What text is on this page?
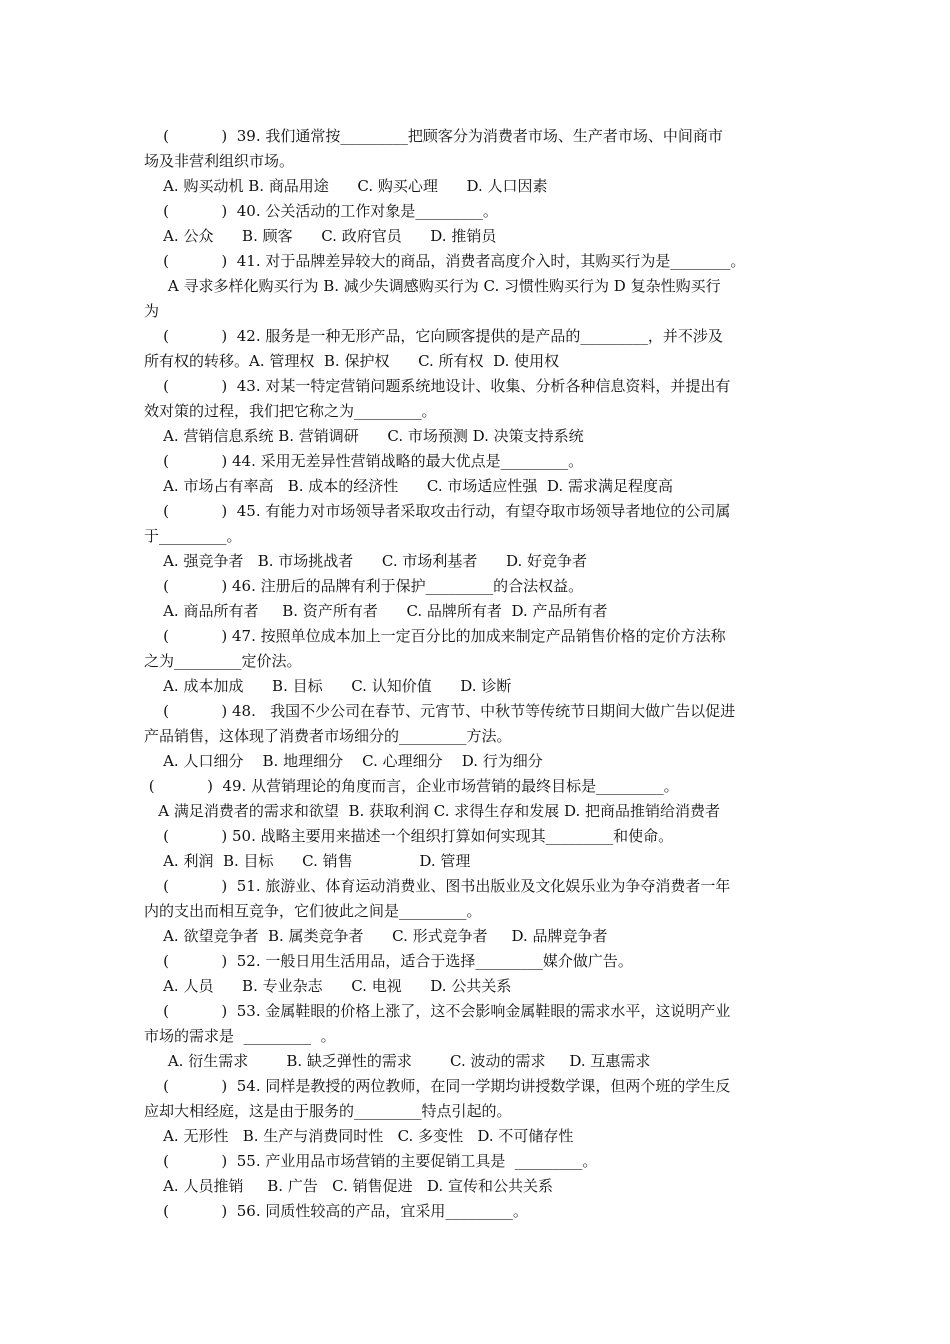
(           )  39. 我们通常按_________把顾客分为消费者市场、生产者市场、中间商市
场及非营利组织市场。
A. 购买动机 B. 商品用途      C. 购买心理      D. 人口因素
(           )  40. 公关活动的工作对象是_________。
A. 公众      B. 顾客      C. 政府官员      D. 推销员
(           )  41. 对于品牌差异较大的商品，消费者高度介入时，其购买行为是________。
A 寻求多样化购买行为 B. 减少失调感购买行为 C. 习惯性购买行为 D 复杂性购买行
为
(           )  42. 服务是一种无形产品，它向顾客提供的是产品的_________，并不涉及
所有权的转移。A. 管理权  B. 保护权      C. 所有权  D. 使用权
(           )  43. 对某一特定营销问题系统地设计、收集、分析各种信息资料，并提出有
效对策的过程，我们把它称之为_________。
A. 营销信息系统 B. 营销调研      C. 市场预测 D. 决策支持系统
(           ) 44. 采用无差异性营销战略的最大优点是_________。
A. 市场占有率高   B. 成本的经济性      C. 市场适应性强  D. 需求满足程度高
(           )  45. 有能力对市场领导者采取攻击行动，有望夺取市场领导者地位的公司属
于_________。
A. 强竞争者   B. 市场挑战者      C. 市场利基者      D. 好竞争者
(           ) 46. 注册后的品牌有利于保护_________的合法权益。
A. 商品所有者     B. 资产所有者      C. 品牌所有者  D. 产品所有者
(           ) 47. 按照单位成本加上一定百分比的加成来制定产品销售价格的定价方法称
之为_________定价法。
A. 成本加成      B. 目标      C. 认知价值      D. 诊断
(           ) 48.   我国不少公司在春节、元宵节、中秋节等传统节日期间大做广告以促进
产品销售，这体现了消费者市场细分的_________方法。
A. 人口细分    B. 地理细分    C. 心理细分    D. 行为细分
(           )  49. 从营销理论的角度而言，企业市场营销的最终目标是_________。
A 满足消费者的需求和欲望  B. 获取利润 C. 求得生存和发展 D. 把商品推销给消费者
(           ) 50. 战略主要用来描述一个组织打算如何实现其_________和使命。
A. 利润  B. 目标      C. 销售              D. 管理
(           )  51. 旅游业、体育运动消费业、图书出版业及文化娱乐业为争夺消费者一年
内的支出而相互竞争，它们彼此之间是_________。
A. 欲望竞争者  B. 属类竞争者      C. 形式竞争者     D. 品牌竞争者
(           )  52. 一般日用生活用品，适合于选择_________媒介做广告。
A. 人员      B. 专业杂志      C. 电视      D. 公共关系
(           )  53. 金属鞋眼的价格上涨了，这不会影响金属鞋眼的需求水平，这说明产业
市场的需求是  _________  。
A. 衍生需求        B. 缺乏弹性的需求        C. 波动的需求     D. 互惠需求
(           )  54. 同样是教授的两位教师，在同一学期均讲授数学课，但两个班的学生反
应却大相经庭，这是由于服务的_________特点引起的。
A. 无形性   B. 生产与消费同时性   C. 多变性   D. 不可储存性
(           )  55. 产业用品市场营销的主要促销工具是  _________。
A. 人员推销     B. 广告   C. 销售促进   D. 宣传和公共关系
(           )  56. 同质性较高的产品，宜采用_________。
